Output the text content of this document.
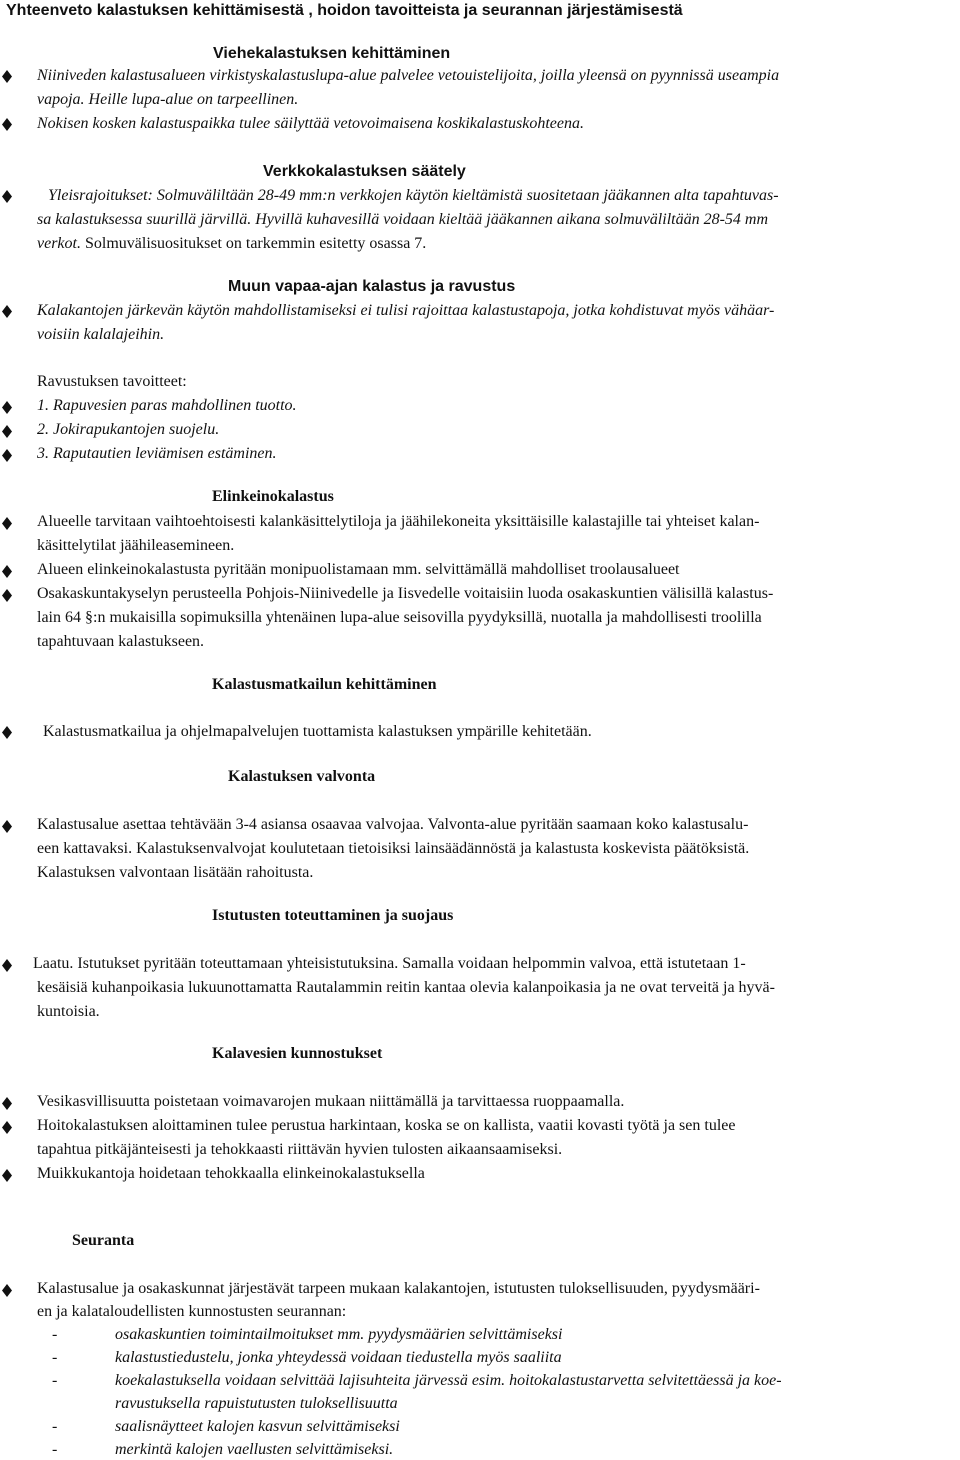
Yhteenveto kalastuksen kehittämisestä , hoidon tavoitteista ja seurannan järjestämisestä
Viehekalastuksen kehittäminen
Niiniveden kalastusalueen virkistyskalastuslupa-alue palvelee vetouistelijoita, joilla yleensä on pyynnissä useampia
vapoja. Heille lupa-alue on tarpeellinen.
Nokisen kosken kalastuspaikka tulee säilyttää vetovoimaisena koskikalastuskohteena.
Verkkokalastuksen säätely
Yleisrajoitukset: Solmuväliltään 28-49 mm:n verkkojen käytön kieltämistä suositetaan jääkannen alta tapahtuvas-
sa kalastuksessa suurillä järvillä. Hyvillä kuhavesillä voidaan kieltää jääkannen aikana solmuväliltään 28-54 mm
verkot. Solmuvälisuositukset on tarkemmin esitetty osassa 7.
Muun vapaa-ajan kalastus ja ravustus
Kalakantojen järkevän käytön mahdollistamiseksi ei tulisi rajoittaa kalastustapoja, jotka kohdistuvat myös vähäar-
voisiin kalalajeihin.
Ravustuksen tavoitteet:
1. Rapuvesien paras mahdollinen tuotto.
2. Jokirapukantojen suojelu.
3. Raputautien leviämisen estäminen.
Elinkeinokalastus
Alueelle tarvitaan vaihtoehtoisesti kalankäsittelytiloja ja jäähilekoneita yksittäisille kalastajille tai yhteiset kalan-
käsittelytilat jäähileasemineen.
Alueen elinkeinokalastusta pyritään monipuolistamaan mm. selvittämällä mahdolliset troolausalueet
Osakaskuntakyselyn perusteella Pohjois-Niinivedelle ja Iisvedelle voitaisiin luoda osakaskuntien välisillä kalastus-
lain 64 §:n mukaisilla sopimuksilla yhtenäinen lupa-alue seisovilla pyydyksillä, nuotalla ja mahdollisesti troolilla
tapahtuvaan kalastukseen.
Kalastusmatkailun kehittäminen
Kalastusmatkailua ja ohjelmapalvelujen tuottamista kalastuksen ympärille kehitetään.
Kalastuksen valvonta
Kalastusalue asettaa tehtävään 3-4 asiansa osaavaa valvojaa. Valvonta-alue pyritään saamaan koko kalastusalu-
een kattavaksi. Kalastuksenvalvojat koulutetaan tietoisiksi lainsäädännöstä ja kalastusta koskevista päätöksistä.
Kalastuksen valvontaan lisätään rahoitusta.
Istutusten toteuttaminen ja suojaus
Laatu. Istutukset pyritään toteuttamaan yhteisistutuksina. Samalla voidaan helpommin valvoa, että istutetaan 1-
kesäisiä kuhanpoikasia lukuunottamatta Rautalammin reitin kantaa olevia kalanpoikasia ja ne ovat terveitä ja hyvä-
kuntoisia.
Kalavesien kunnostukset
Vesikasvillisuutta poistetaan voimavarojen mukaan niittämällä ja tarvittaessa ruoppaamalla.
Hoitokalastuksen aloittaminen tulee perustua harkintaan, koska se on kallista, vaatii kovasti työtä ja sen tulee
tapahtua pitkäjänteisesti ja tehokkaasti riittävän hyvien tulosten aikaansaamiseksi.
Muikkukantoja hoidetaan tehokkaalla elinkeinokalastuksella
Seuranta
Kalastusalue ja osakaskunnat järjestävät tarpeen mukaan kalakantojen, istutusten tuloksellisuuden, pyydysmääri-
en ja kalataloudellisten kunnostusten seurannan:
-	osakaskuntien toimintailmoitukset mm. pyydysmäärien selvittämiseksi
-	kalastustiedustelu, jonka yhteydessä voidaan tiedustella myös saaliita
-	koekalastuksella voidaan selvittää lajisuhteita järvessä esim. hoitokalastustarvetta selvitettäessä ja koe-
ravustuksella rapuistutusten tuloksellisuutta
-	saalisnäytteet kalojen kasvun selvittämiseksi
-	merkintä kalojen vaellusten selvittämiseksi.
